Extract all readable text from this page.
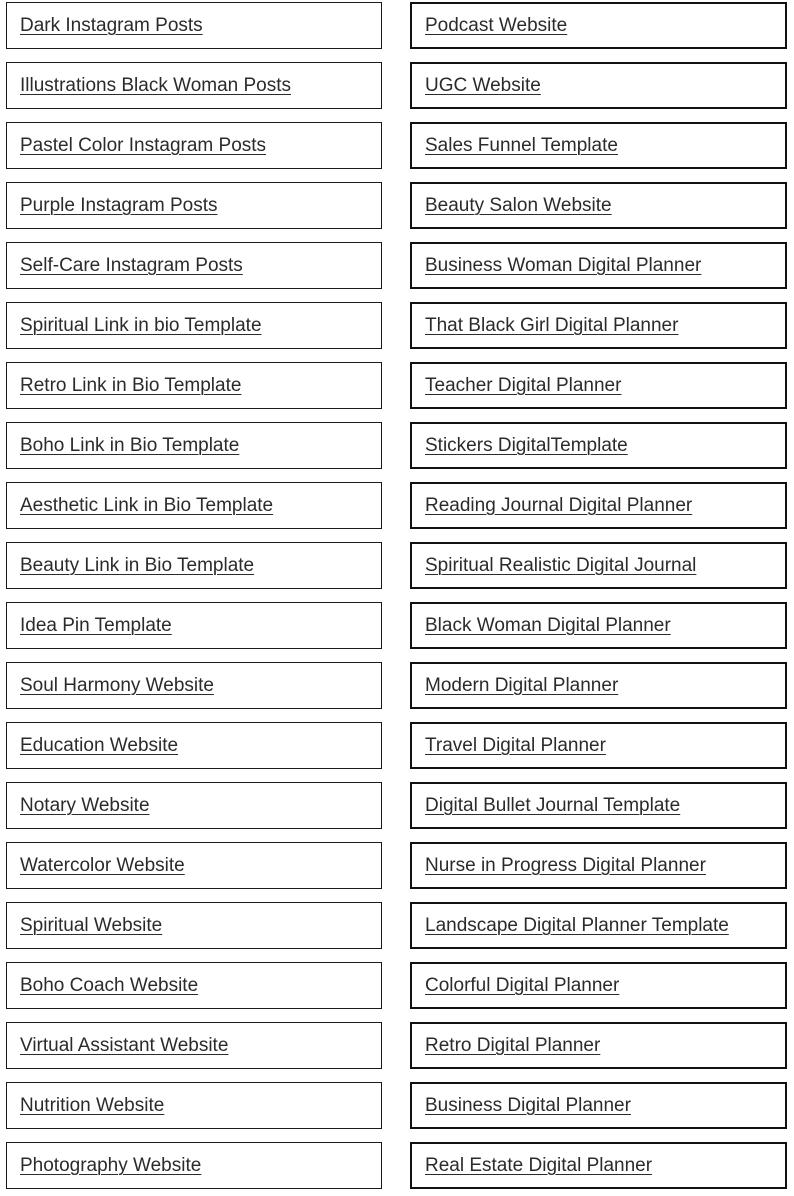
Dark Instagram Posts
Illustrations Black Woman Posts
Pastel Color Instagram Posts
Purple Instagram Posts
Self-Care Instagram Posts
Spiritual Link in bio Template
Retro Link in Bio Template
Boho Link in Bio Template
Aesthetic Link in Bio Template
Beauty Link in Bio Template
Idea Pin Template
Soul Harmony Website
Education Website
Notary Website
Watercolor Website
Spiritual Website
Boho Coach Website
Virtual Assistant Website
Nutrition Website
Photography Website
Podcast Website
UGC Website
Sales Funnel Template
Beauty Salon Website
Business Woman Digital Planner
That Black Girl Digital Planner
Teacher Digital Planner
Stickers DigitalTemplate
Reading Journal Digital Planner
Spiritual Realistic Digital Journal
Black Woman Digital Planner
Modern Digital Planner
Travel Digital Planner
Digital Bullet Journal Template
Nurse in Progress Digital Planner
Landscape Digital Planner Template
Colorful Digital Planner
Retro Digital Planner
Business Digital Planner
Real Estate Digital Planner
